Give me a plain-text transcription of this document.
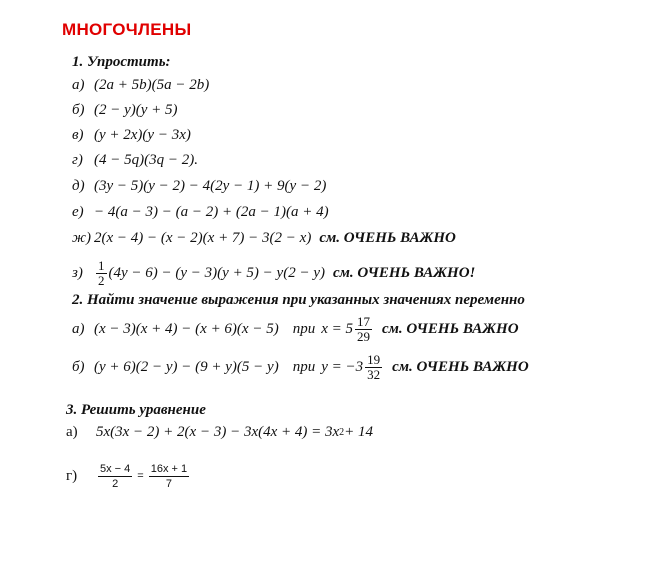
МНОГОЧЛЕНЫ
1. Упростить:
а) (2a + 5b)(5a − 2b)
б) (2 − y)(y + 5)
в) (y + 2x)(y − 3x)
г) (4 − 5q)(3q − 2).
д) (3y − 5)(y − 2) − 4(2y − 1) + 9(y − 2)
е) − 4(a − 3) − (a − 2) + (2a − 1)(a + 4)
ж) 2(x − 4) − (x − 2)(x + 7) − 3(2 − x) см. ОЧЕНЬ ВАЖНО
з)	$\frac{1}{2} (4y - 6) - (y - 3)(y + 5) - y(2 - y)$ см. ОЧЕНЬ ВАЖНО!
2. Найти значение выражения при указанных значениях переменно
а) (x − 3)(x + 4) − (x + 6)(x − 5) при $x = 5 \frac{17}{29}$ см. ОЧЕНЬ ВАЖНО
б) (y + 6)(2 − y) − (9 + y)(5 − y) при $y = -3 \frac{19}{32}$ см. ОЧЕНЬ ВАЖНО
3. Решить уравнение
а)	5x(3x − 2) + 2(x − 3) − 3x(4x + 4) = 3x 2 + 14
г)	$\frac{5x - 4}{2} = \frac{16x + 1}{7}$
